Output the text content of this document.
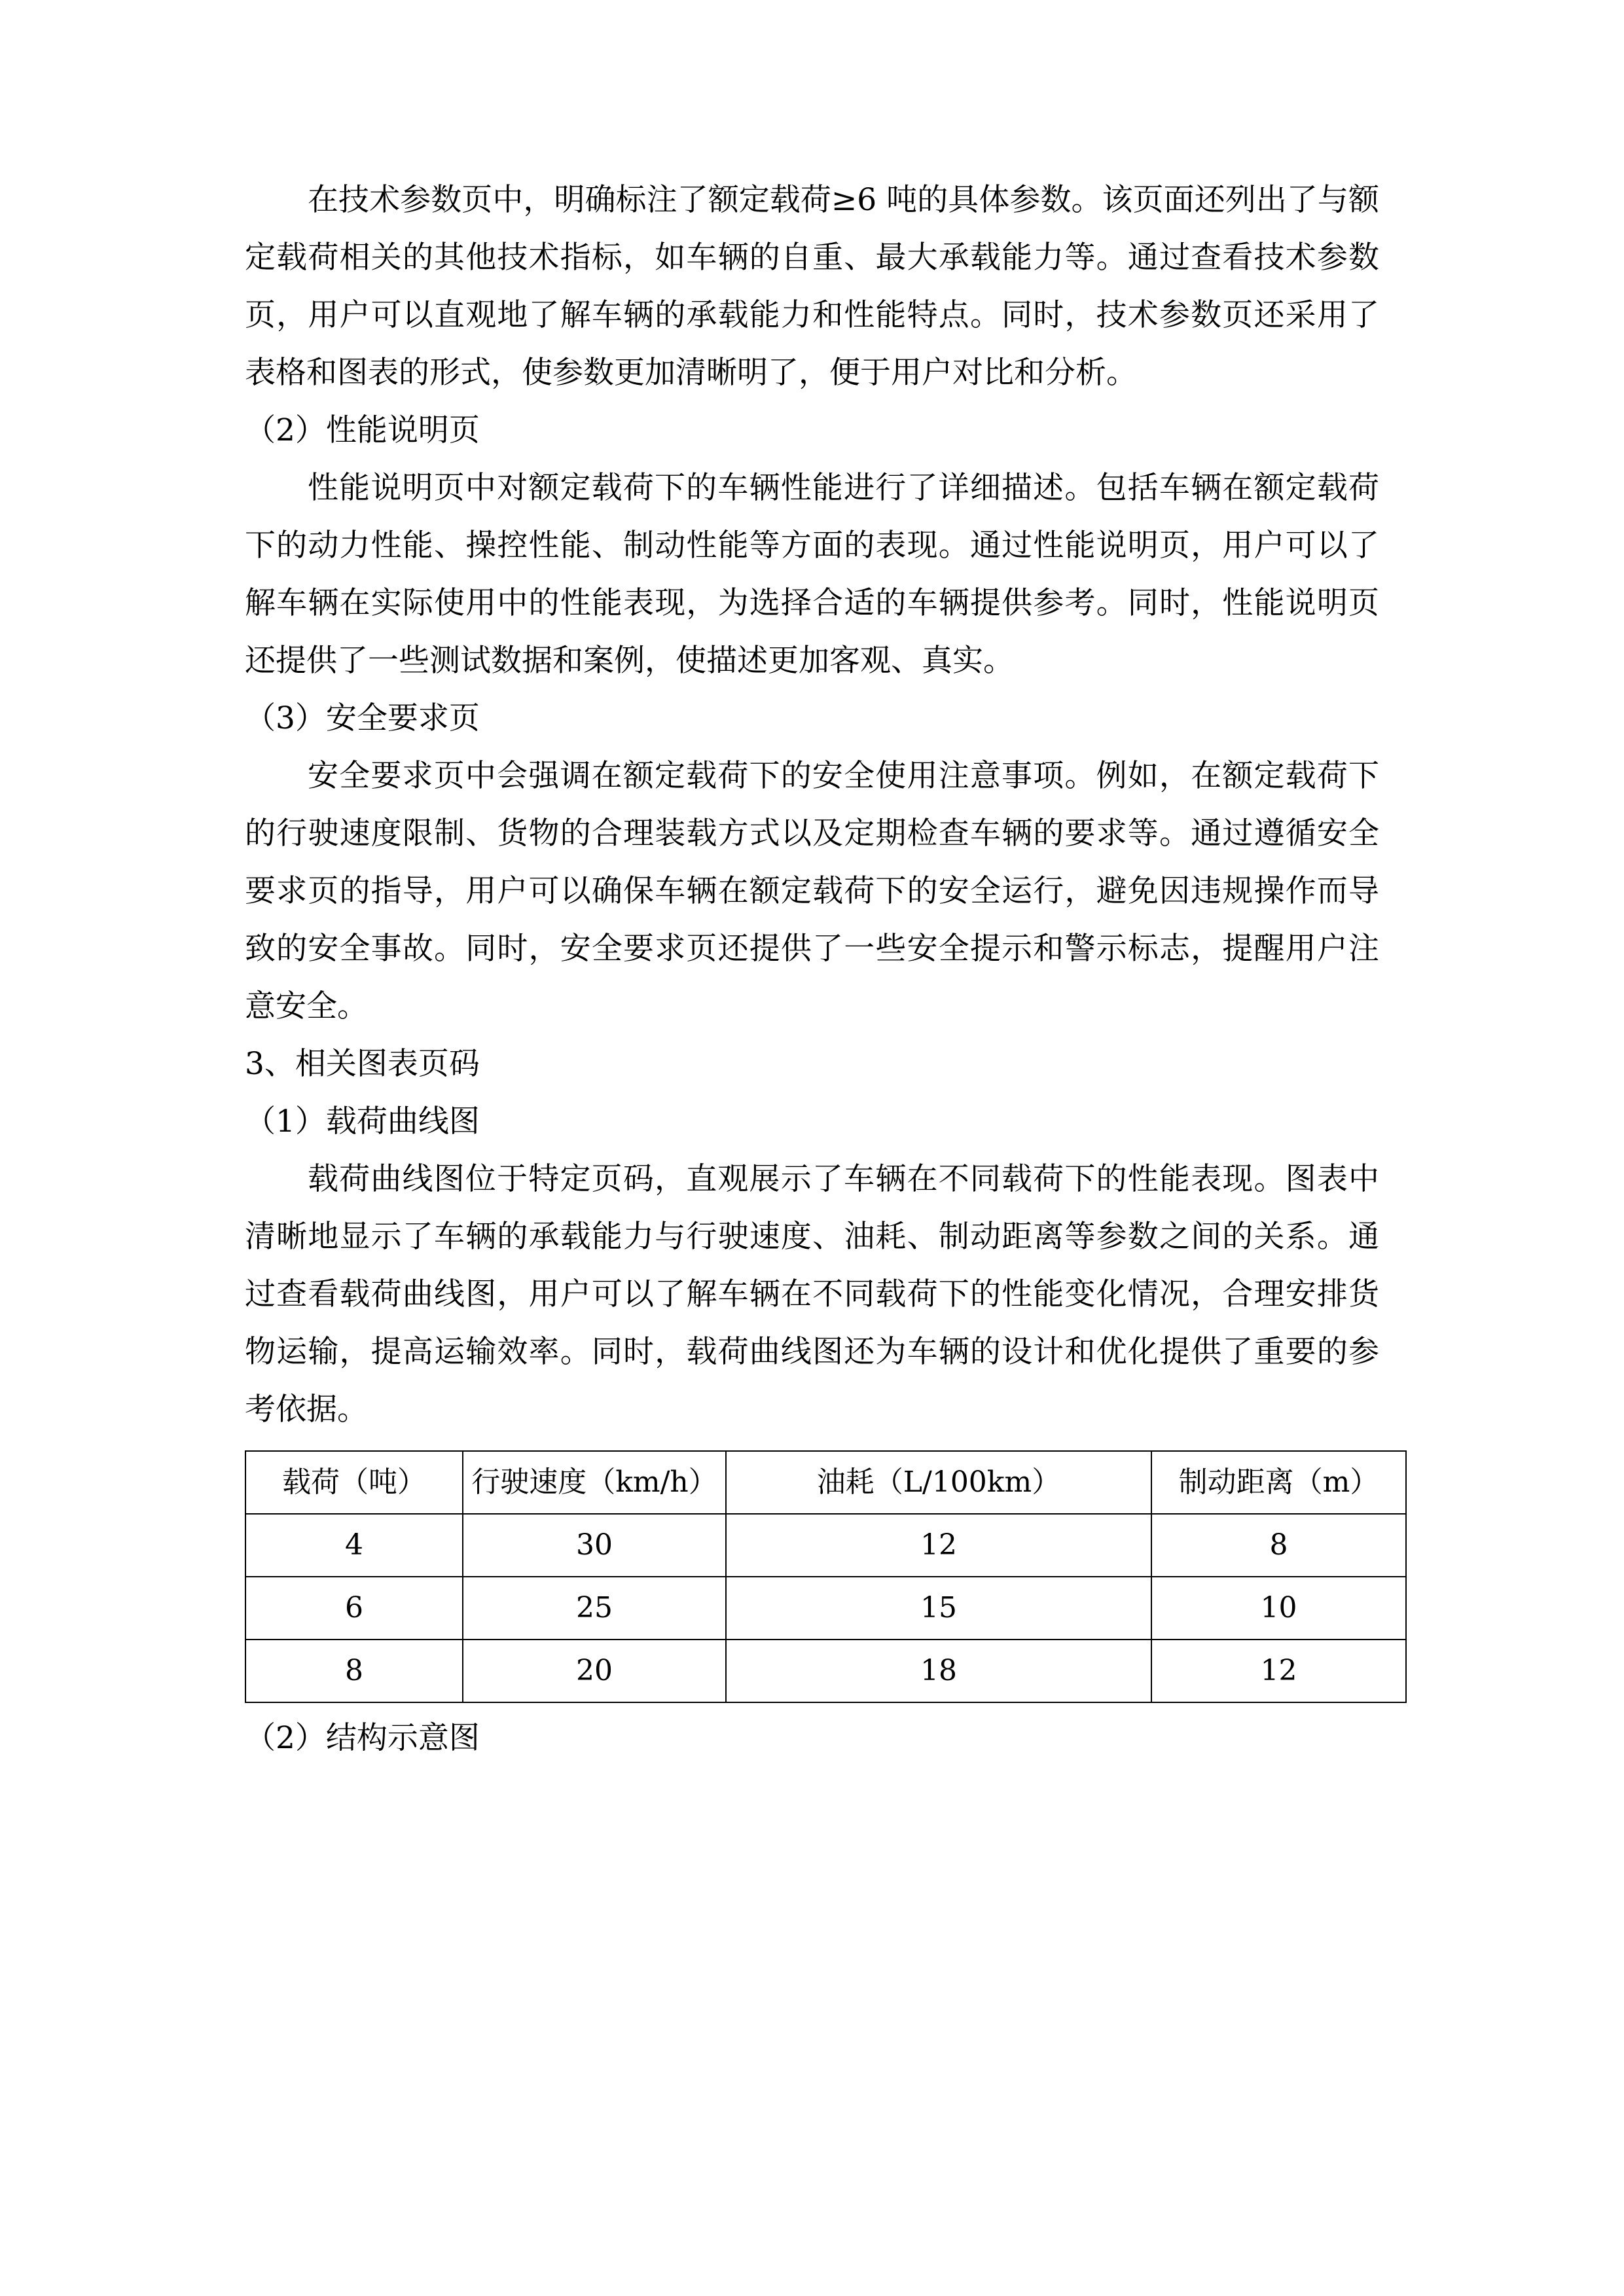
在技术参数页中，明确标注了额定载荷≥6 吨的具体参数。该页面还列出了与额定载荷相关的其他技术指标，如车辆的自重、最大承载能力等。通过查看技术参数页，用户可以直观地了解车辆的承载能力和性能特点。同时，技术参数页还采用了表格和图表的形式，使参数更加清晰明了，便于用户对比和分析。

（2）性能说明页

性能说明页中对额定载荷下的车辆性能进行了详细描述。包括车辆在额定载荷下的动力性能、操控性能、制动性能等方面的表现。通过性能说明页，用户可以了解车辆在实际使用中的性能表现，为选择合适的车辆提供参考。同时，性能说明页还提供了一些测试数据和案例，使描述更加客观、真实。

（3）安全要求页

安全要求页中会强调在额定载荷下的安全使用注意事项。例如，在额定载荷下的行驶速度限制、货物的合理装载方式以及定期检查车辆的要求等。通过遵循安全要求页的指导，用户可以确保车辆在额定载荷下的安全运行，避免因违规操作而导致的安全事故。同时，安全要求页还提供了一些安全提示和警示标志，提醒用户注意安全。

3、相关图表页码

（1）载荷曲线图

载荷曲线图位于特定页码，直观展示了车辆在不同载荷下的性能表现。图表中清晰地显示了车辆的承载能力与行驶速度、油耗、制动距离等参数之间的关系。通过查看载荷曲线图，用户可以了解车辆在不同载荷下的性能变化情况，合理安排货物运输，提高运输效率。同时，载荷曲线图还为车辆的设计和优化提供了重要的参考依据。

载荷（吨）	行驶速度（km/h）	油耗（L/100km）	制动距离（m）
4	30	12	8
6	25	15	10
8	20	18	12

（2）结构示意图
